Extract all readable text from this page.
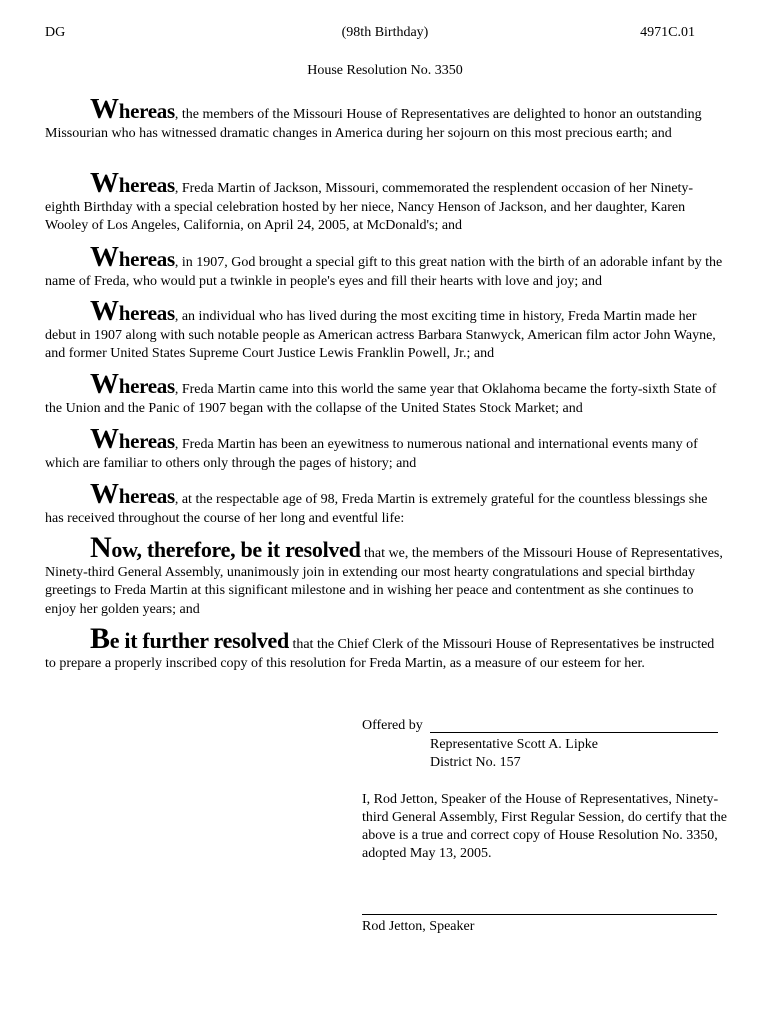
DG	(98th Birthday)	4971C.01
House Resolution No. 3350

Whereas, the members of the Missouri House of Representatives are delighted to honor an outstanding Missourian who has witnessed dramatic changes in America during her sojourn on this most precious earth; and

Whereas, Freda Martin of Jackson, Missouri, commemorated the resplendent occasion of her Ninety-eighth Birthday with a special celebration hosted by her niece, Nancy Henson of Jackson, and her daughter, Karen Wooley of Los Angeles, California, on April 24, 2005, at McDonald's; and

Whereas, in 1907, God brought a special gift to this great nation with the birth of an adorable infant by the name of Freda, who would put a twinkle in people's eyes and fill their hearts with love and joy; and

Whereas, an individual who has lived during the most exciting time in history, Freda Martin made her debut in 1907 along with such notable people as American actress Barbara Stanwyck, American film actor John Wayne, and former United States Supreme Court Justice Lewis Franklin Powell, Jr.; and

Whereas, Freda Martin came into this world the same year that Oklahoma became the forty-sixth State of the Union and the Panic of 1907 began with the collapse of the United States Stock Market; and

Whereas, Freda Martin has been an eyewitness to numerous national and international events many of which are familiar to others only through the pages of history; and

Whereas, at the respectable age of 98, Freda Martin is extremely grateful for the countless blessings she has received throughout the course of her long and eventful life:

Now, therefore, be it resolved that we, the members of the Missouri House of Representatives, Ninety-third General Assembly, unanimously join in extending our most hearty congratulations and special birthday greetings to Freda Martin at this significant milestone and in wishing her peace and contentment as she continues to enjoy her golden years; and

Be it further resolved that the Chief Clerk of the Missouri House of Representatives be instructed to prepare a properly inscribed copy of this resolution for Freda Martin, as a measure of our esteem for her.

Offered by
Representative Scott A. Lipke
District No. 157
I, Rod Jetton, Speaker of the House of Representatives, Ninety-third General Assembly, First Regular Session, do certify that the above is a true and correct copy of House Resolution No. 3350, adopted May 13, 2005.
Rod Jetton, Speaker
